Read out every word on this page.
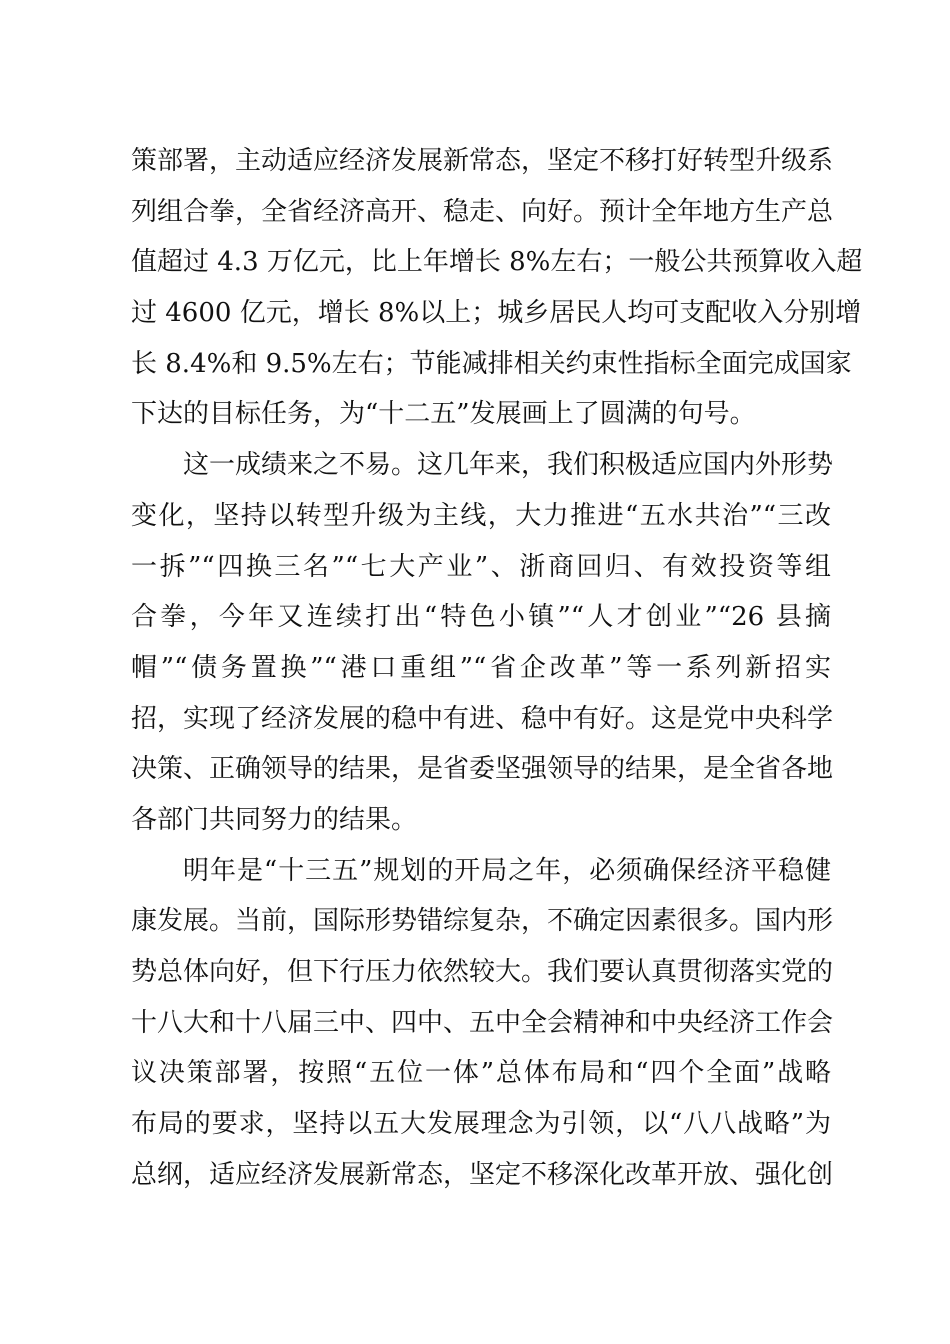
策部署，主动适应经济发展新常态，坚定不移打好转型升级系
列组合拳，全省经济高开、稳走、向好。预计全年地方生产总
值超过 4.3 万亿元，比上年增长 8%左右；一般公共预算收入超
过 4600 亿元，增长 8%以上；城乡居民人均可支配收入分别增
长 8.4%和 9.5%左右；节能减排相关约束性指标全面完成国家
下达的目标任务，为“十二五”发展画上了圆满的句号。
这一成绩来之不易。这几年来，我们积极适应国内外形势
变化，坚持以转型升级为主线，大力推进“五水共治”“三改
一拆”“四换三名”“七大产业”、浙商回归、有效投资等组
合拳，今年又连续打出“特色小镇”“人才创业”“26 县摘
帽”“债务置换”“港口重组”“省企改革”等一系列新招实
招，实现了经济发展的稳中有进、稳中有好。这是党中央科学
决策、正确领导的结果，是省委坚强领导的结果，是全省各地
各部门共同努力的结果。
明年是“十三五”规划的开局之年，必须确保经济平稳健
康发展。当前，国际形势错综复杂，不确定因素很多。国内形
势总体向好，但下行压力依然较大。我们要认真贯彻落实党的
十八大和十八届三中、四中、五中全会精神和中央经济工作会
议决策部署，按照“五位一体”总体布局和“四个全面”战略
布局的要求，坚持以五大发展理念为引领，以“八八战略”为
总纲，适应经济发展新常态，坚定不移深化改革开放、强化创
